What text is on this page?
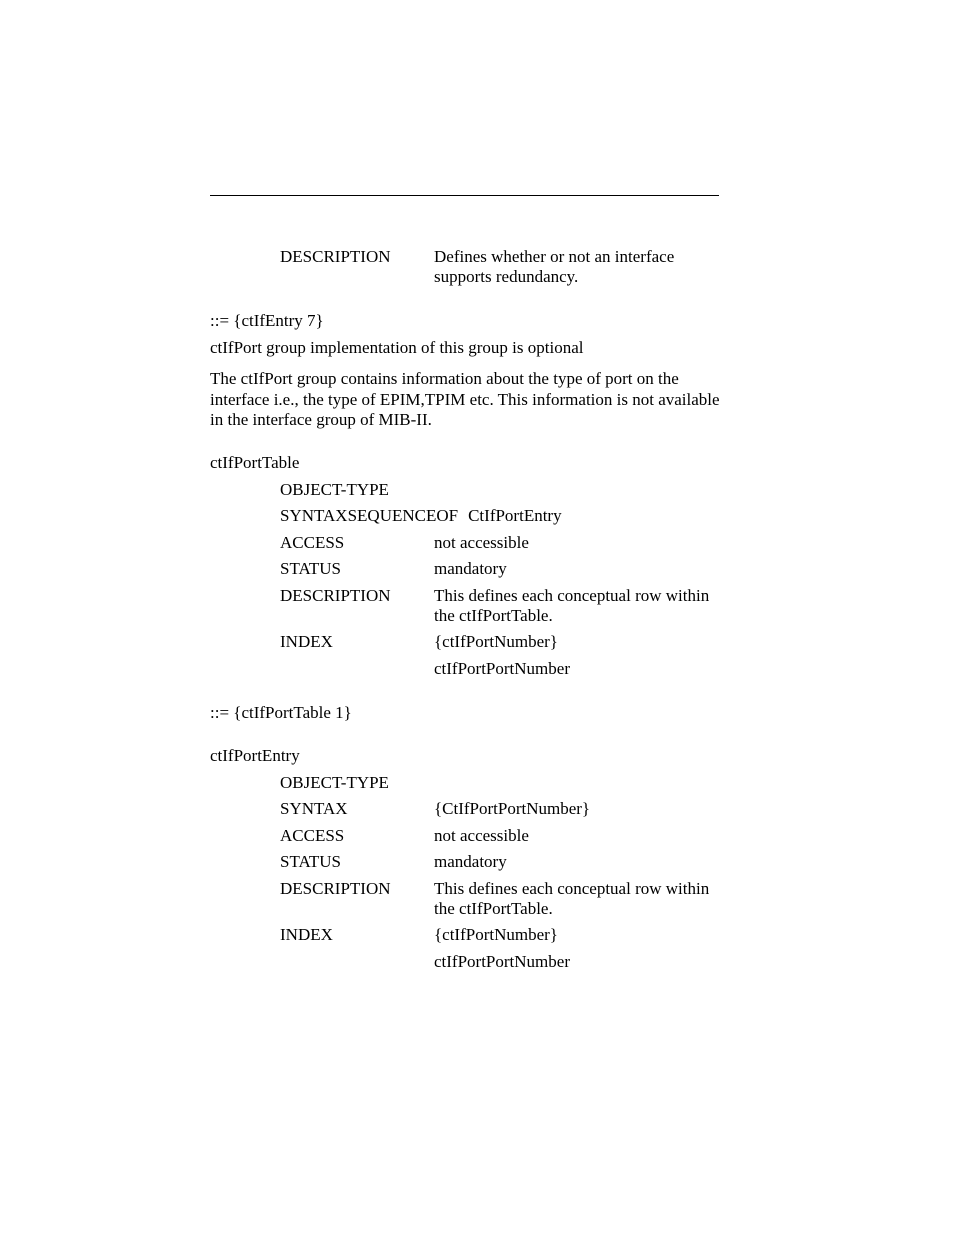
DESCRIPTION	Defines whether or not an interface supports redundancy.
::= {ctIfEntry 7}
ctIfPort group implementation of this group is optional
The ctIfPort group contains information about the type of port on the interface i.e., the type of EPIM,TPIM etc. This information is not available in the interface group of MIB-II.
ctIfPortTable
OBJECT-TYPE
SYNTAXSEQUENCEOF CtIfPortEntry
ACCESS	not accessible
STATUS	mandatory
DESCRIPTION	This defines each conceptual row within the ctIfPortTable.
INDEX	{ctIfPortNumber}
ctIfPortPortNumber
::= {ctIfPortTable 1}
ctIfPortEntry
OBJECT-TYPE
SYNTAX	{CtIfPortPortNumber}
ACCESS	not accessible
STATUS	mandatory
DESCRIPTION	This defines each conceptual row within the ctIfPortTable.
INDEX	{ctIfPortNumber}
ctIfPortPortNumber
